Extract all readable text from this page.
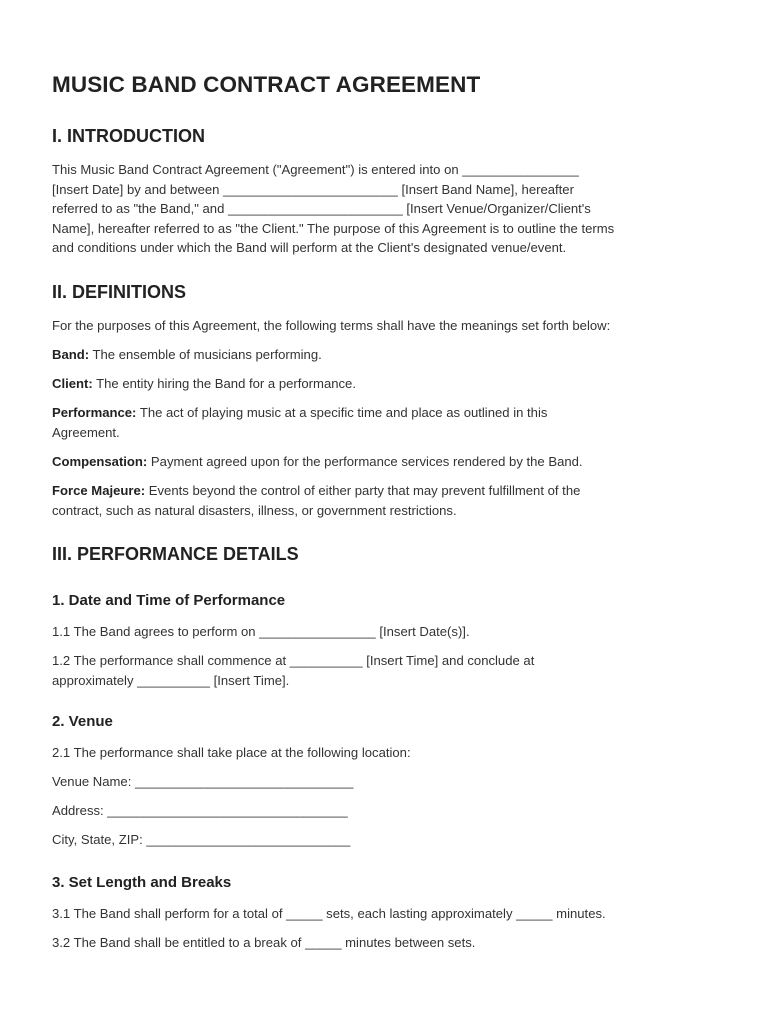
MUSIC BAND CONTRACT AGREEMENT
I. INTRODUCTION
This Music Band Contract Agreement ("Agreement") is entered into on ________________
[Insert Date] by and between ________________________ [Insert Band Name], hereafter
referred to as "the Band," and ________________________ [Insert Venue/Organizer/Client's
Name], hereafter referred to as "the Client." The purpose of this Agreement is to outline the terms
and conditions under which the Band will perform at the Client's designated venue/event.
II. DEFINITIONS
For the purposes of this Agreement, the following terms shall have the meanings set forth below:
Band: The ensemble of musicians performing.
Client: The entity hiring the Band for a performance.
Performance: The act of playing music at a specific time and place as outlined in this
Agreement.
Compensation: Payment agreed upon for the performance services rendered by the Band.
Force Majeure: Events beyond the control of either party that may prevent fulfillment of the
contract, such as natural disasters, illness, or government restrictions.
III. PERFORMANCE DETAILS
1. Date and Time of Performance
1.1 The Band agrees to perform on ________________ [Insert Date(s)].
1.2 The performance shall commence at __________ [Insert Time] and conclude at
approximately __________ [Insert Time].
2. Venue
2.1 The performance shall take place at the following location:
Venue Name: ______________________________
Address: _________________________________
City, State, ZIP: ____________________________
3. Set Length and Breaks
3.1 The Band shall perform for a total of _____ sets, each lasting approximately _____ minutes.
3.2 The Band shall be entitled to a break of _____ minutes between sets.
